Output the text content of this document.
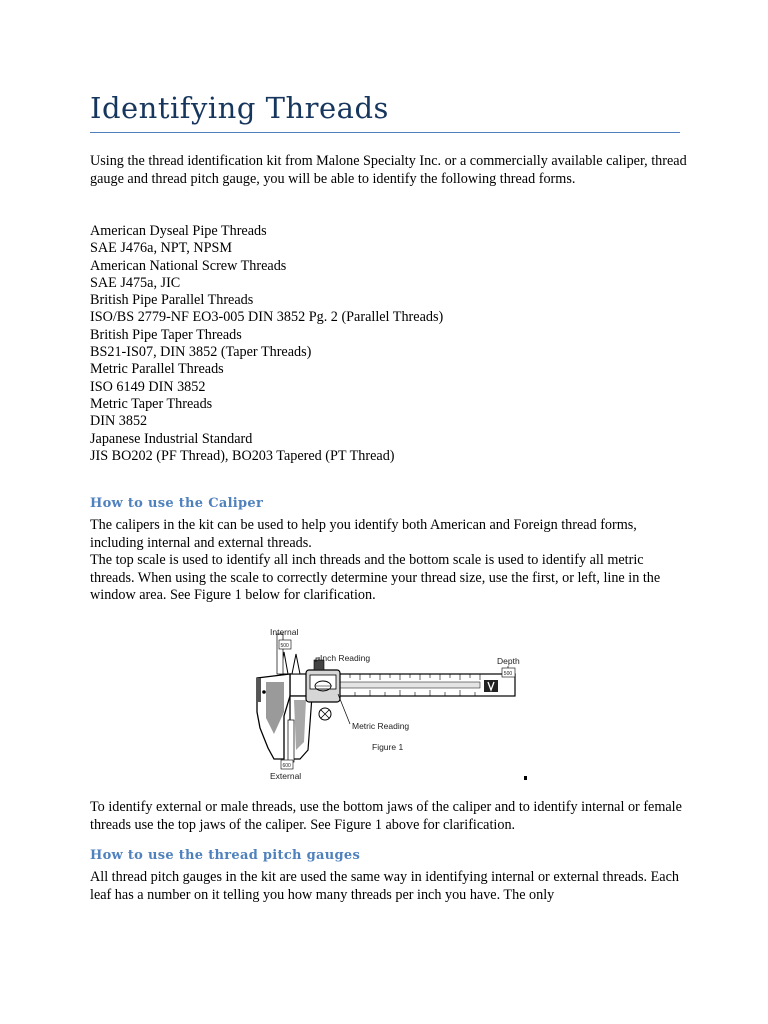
Identifying Threads

Using the thread identification kit from Malone Specialty Inc. or a commercially available caliper, thread gauge and thread pitch gauge, you will be able to identify the following thread forms.

American Dyseal Pipe Threads
SAE J476a, NPT, NPSM
American National Screw Threads
SAE J475a, JIC
British Pipe Parallel Threads
ISO/BS 2779-NF EO3-005 DIN 3852 Pg. 2 (Parallel Threads)
British Pipe Taper Threads
BS21-IS07, DIN 3852 (Taper Threads)
Metric Parallel Threads
ISO 6149 DIN 3852
Metric Taper Threads
DIN 3852
Japanese Industrial Standard
JIS BO202 (PF Thread), BO203 Tapered (PT Thread)
How to use the Caliper

The calipers in the kit can be used to help you identify both American and Foreign thread forms, including internal and external threads.

The top scale is used to identify all inch threads and the bottom scale is used to identify all metric threads. When using the scale to correctly determine your thread size, use the first, or left, line in the window area. See Figure 1 below for clarification.

500
500
600
Internal
Inch Reading	Depth
Metric Reading
Figure 1
External

To identify external or male threads, use the bottom jaws of the caliper and to identify internal or female threads use the top jaws of the caliper. See Figure 1 above for clarification.

How to use the thread pitch gauges

All thread pitch gauges in the kit are used the same way in identifying internal or external threads. Each leaf has a number on it telling you how many threads per inch you have. The only
